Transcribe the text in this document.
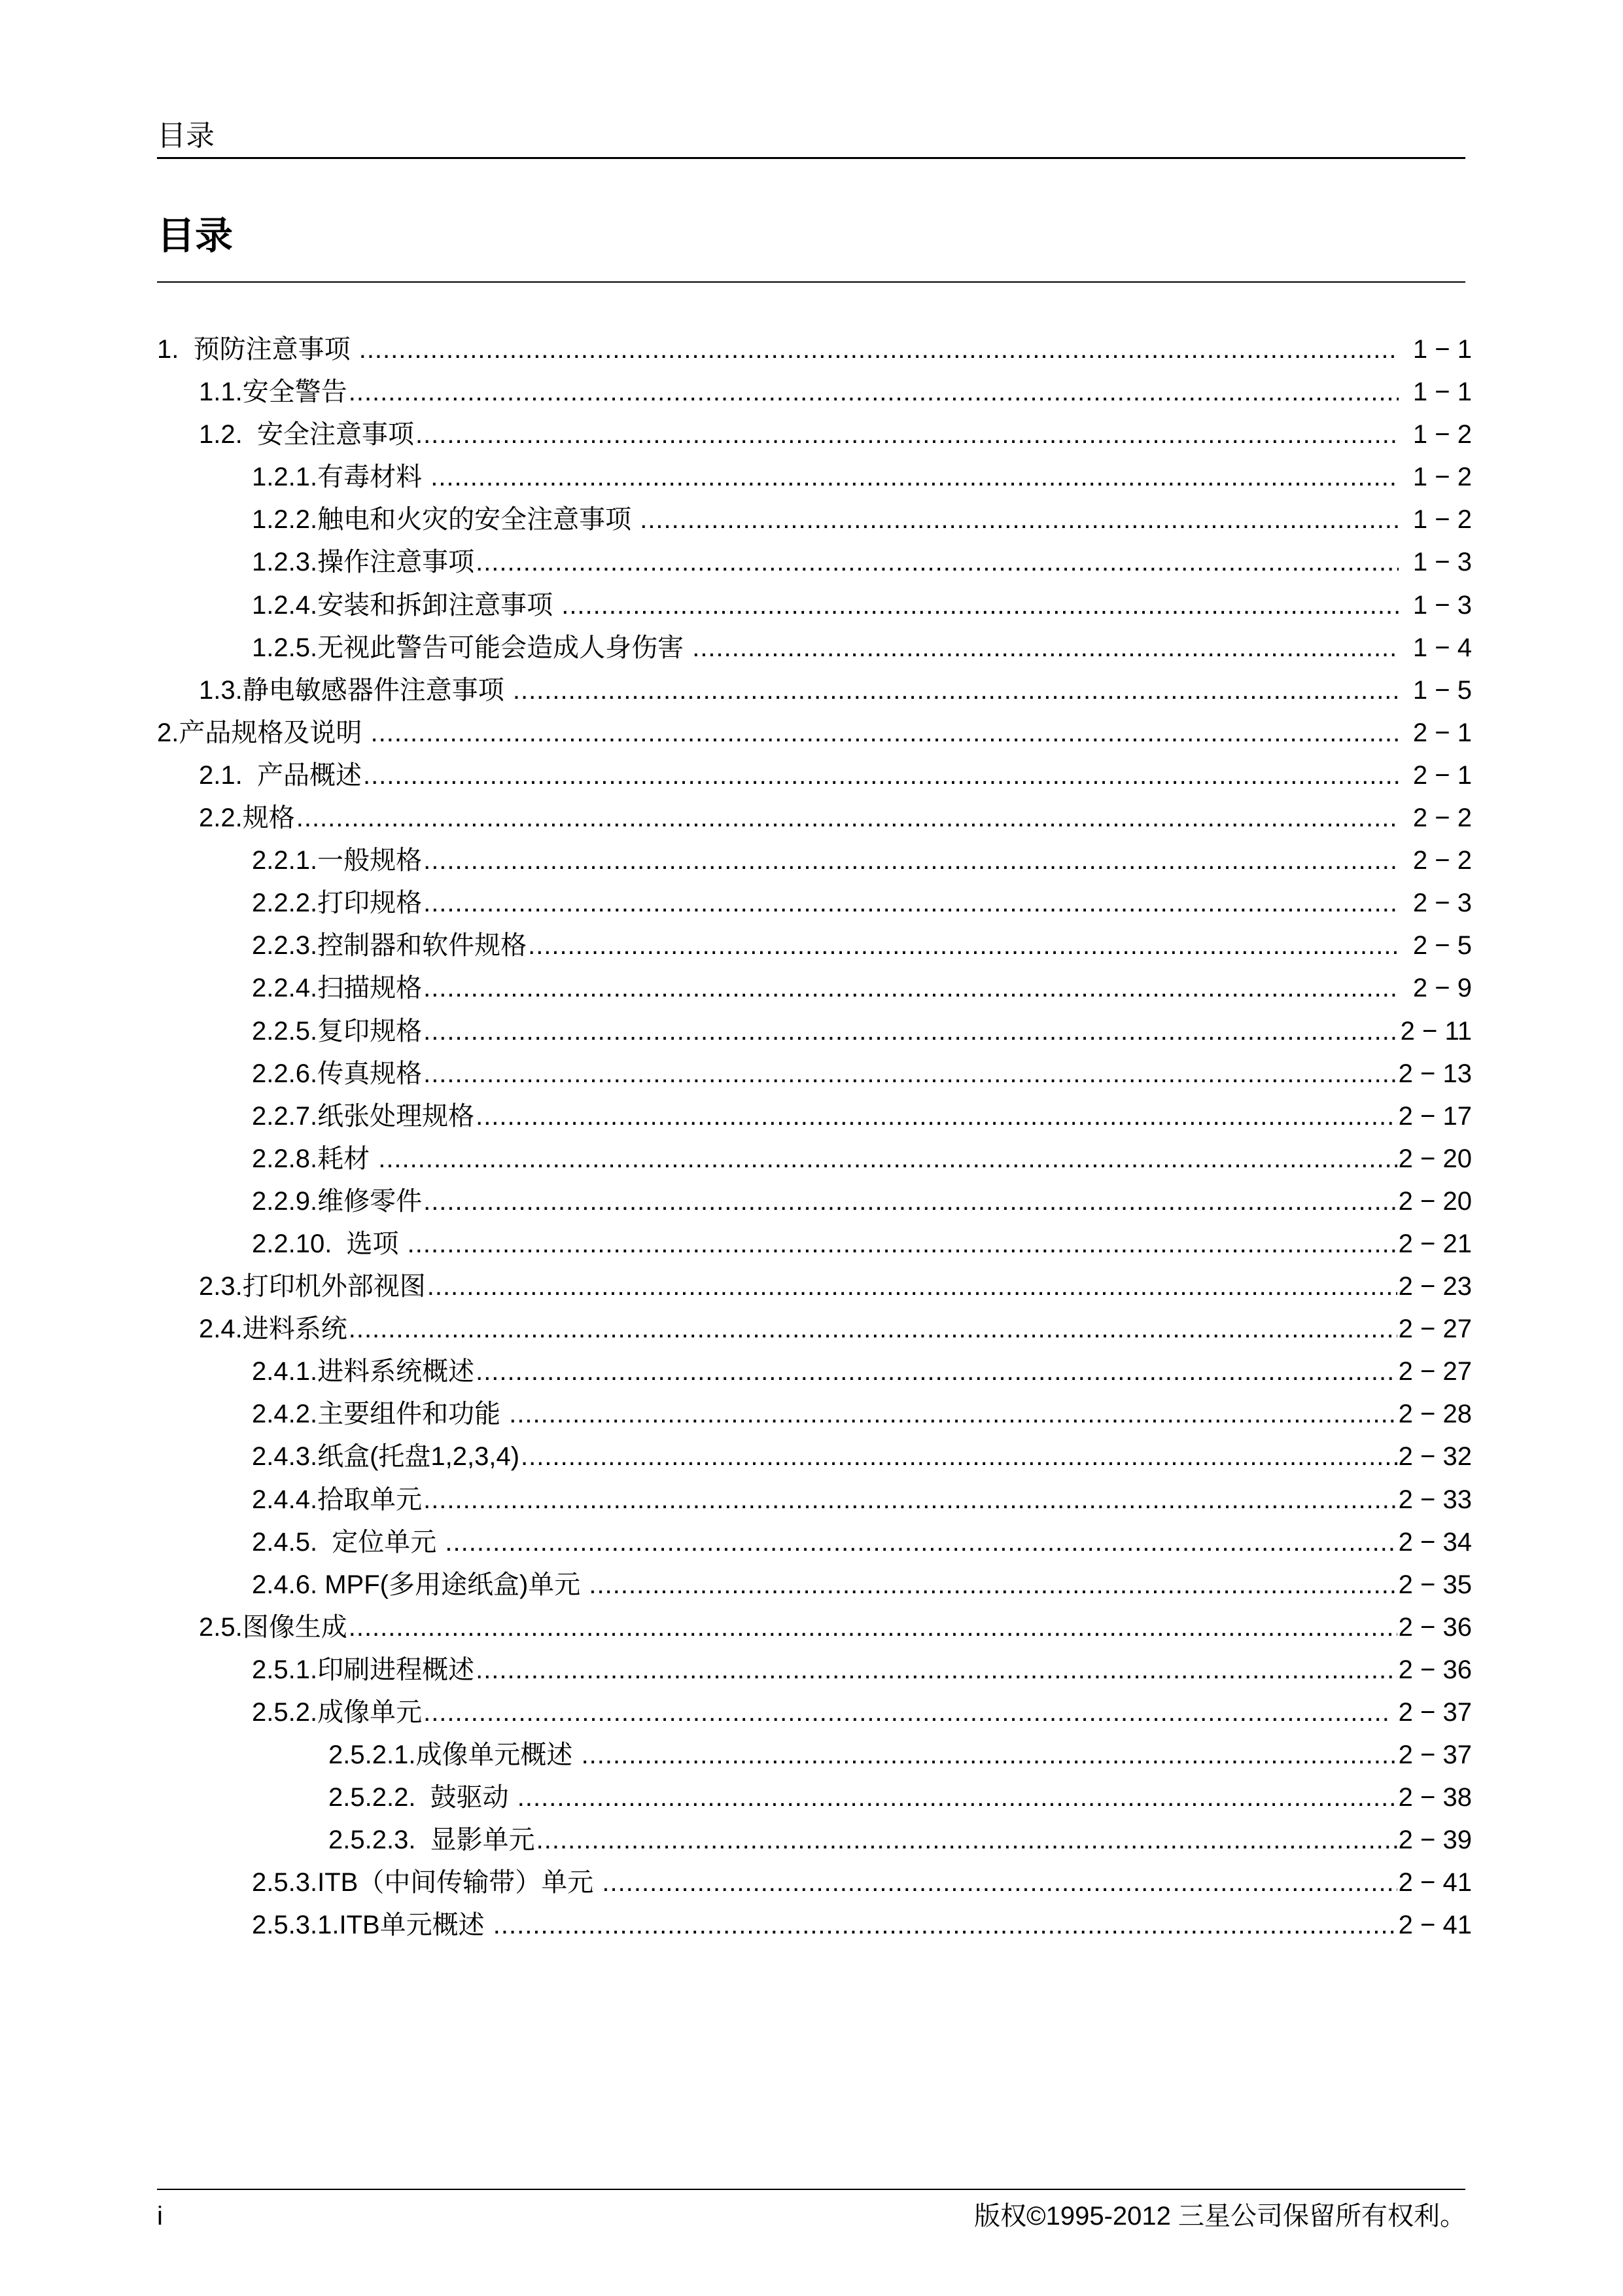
目录
目录
1.  预防注意事项 .....	1 − 1
1.1.安全警告 .....	1 − 1
1.2.  安全注意事项 .....	1 − 2
1.2.1.有毒材料 .....	1 − 2
1.2.2.触电和火灾的安全注意事项 .....	1 − 2
1.2.3.操作注意事项 .....	1 − 3
1.2.4.安装和拆卸注意事项 .....	1 − 3
1.2.5.无视此警告可能会造成人身伤害 .....	1 − 4
1.3.静电敏感器件注意事项 .....	1 − 5
2.产品规格及说明 .....	2 − 1
2.1.  产品概述 .....	2 − 1
2.2.规格 .....	2 − 2
2.2.1.一般规格 .....	2 − 2
2.2.2.打印规格 .....	2 − 3
2.2.3.控制器和软件规格 .....	2 − 5
2.2.4.扫描规格 .....	2 − 9
2.2.5.复印规格 .....	2 − 11
2.2.6.传真规格 .....	2 − 13
2.2.7.纸张处理规格 .....	2 − 17
2.2.8.耗材 .....	2 − 20
2.2.9.维修零件 .....	2 − 20
2.2.10.  选项 .....	2 − 21
2.3.打印机外部视图 .....	2 − 23
2.4.进料系统 .....	2 − 27
2.4.1.进料系统概述 .....	2 − 27
2.4.2.主要组件和功能 .....	2 − 28
2.4.3.纸盒(托盘1,2,3,4) .....	2 − 32
2.4.4.拾取单元 .....	2 − 33
2.4.5.  定位单元 .....	2 − 34
2.4.6. MPF(多用途纸盒)单元 .....	2 − 35
2.5.图像生成 .....	2 − 36
2.5.1.印刷进程概述 .....	2 − 36
2.5.2.成像单元 .....	2 − 37
2.5.2.1.成像单元概述 .....	2 − 37
2.5.2.2.  鼓驱动 .....	2 − 38
2.5.2.3.  显影单元 .....	2 − 39
2.5.3.ITB（中间传输带）单元 .....	2 − 41
2.5.3.1.ITB单元概述 .....	2 − 41
i	版权©1995-2012 三星公司保留所有权利。
